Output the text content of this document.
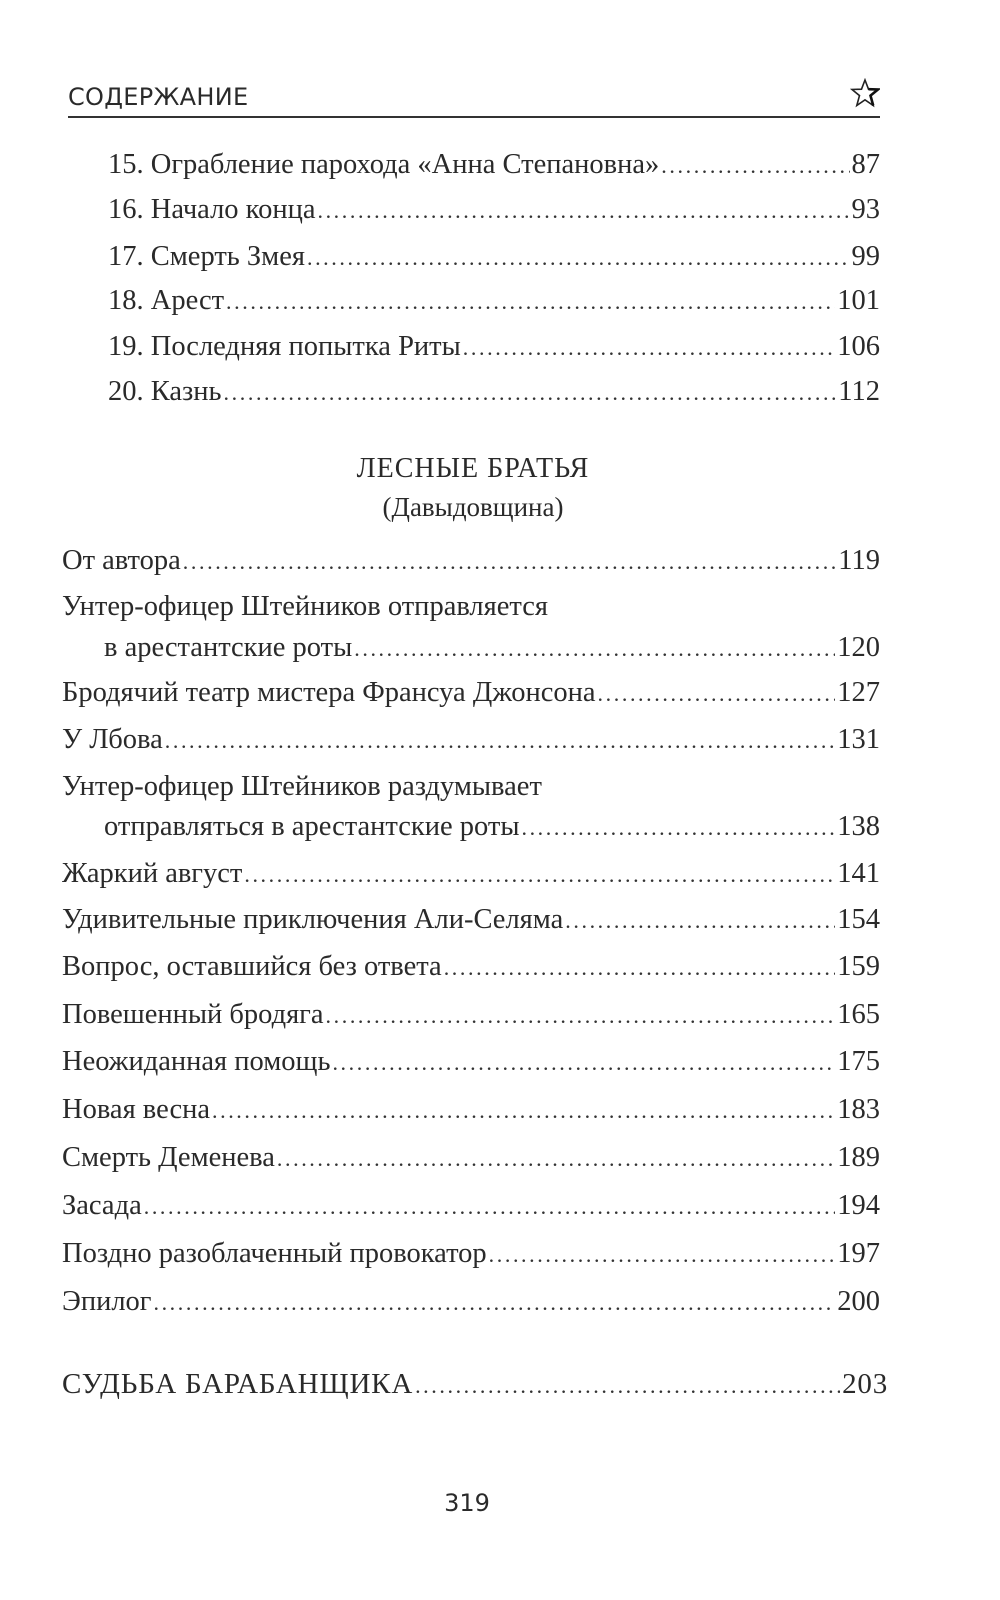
СОДЕРЖАНИЕ
15. Ограбление парохода «Анна Степановна» .....	87
16. Начало конца .....	93
17. Смерть Змея .....	99
18. Арест .....	101
19. Последняя попытка Риты .....	106
20. Казнь .....	112
ЛЕСНЫЕ БРАТЬЯ
(Давыдовщина)
От автора .....	119
Унтер-офицер Штейников отправляется
в арестантские роты .....	120
Бродячий театр мистера Франсуа Джонсона .....	127
У Лбова .....	131
Унтер-офицер Штейников раздумывает
отправляться в арестантские роты .....	138
Жаркий август .....	141
Удивительные приключения Али-Селяма .....	154
Вопрос, оставшийся без ответа .....	159
Повешенный бродяга .....	165
Неожиданная помощь .....	175
Новая весна .....	183
Смерть Деменева .....	189
Засада .....	194
Поздно разоблаченный провокатор .....	197
Эпилог .....	200
СУДЬБА БАРАБАНЩИКА .....	203
319
